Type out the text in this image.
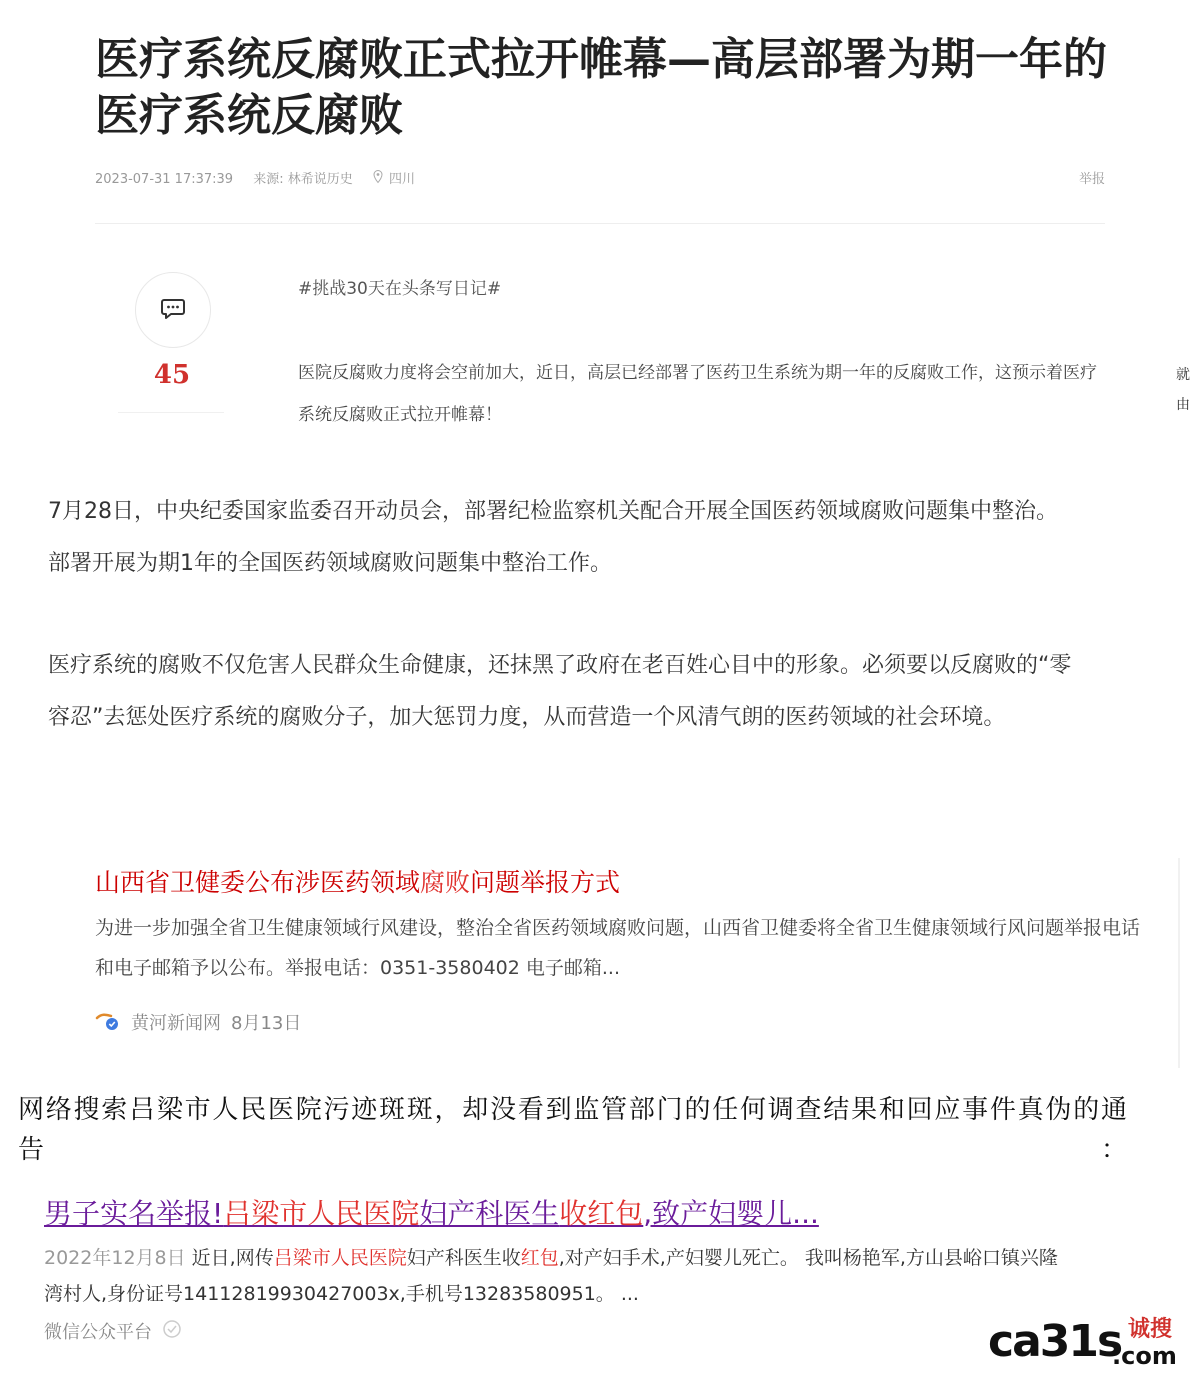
医疗系统反腐败正式拉开帷幕—高层部署为期一年的医疗系统反腐败
2023-07-31 17:37:39 来源: 林希说历史	四川	举报
45
#挑战30天在头条写日记#
医院反腐败力度将会空前加大，近日，高层已经部署了医药卫生系统为期一年的反腐败工作，这预示着医疗系统反腐败正式拉开帷幕！
就由

7月28日，中央纪委国家监委召开动员会，部署纪检监察机关配合开展全国医药领域腐败问题集中整治。部署开展为期1年的全国医药领域腐败问题集中整治工作。

医疗系统的腐败不仅危害人民群众生命健康，还抹黑了政府在老百姓心目中的形象。必须要以反腐败的“零容忍”去惩处医疗系统的腐败分子，加大惩罚力度，从而营造一个风清气朗的医药领域的社会环境。

山西省卫健委公布涉医药领域腐败问题举报方式
为进一步加强全省卫生健康领域行风建设，整治全省医药领域腐败问题，山西省卫健委将全省卫生健康领域行风问题举报电话和电子邮箱予以公布。举报电话：0351-3580402 电子邮箱...
黄河新闻网 8月13日
网络搜索吕梁市人民医院污迹斑斑，却没看到监管部门的任何调查结果和回应事件真伪的通告：
男子实名举报!吕梁市人民医院妇产科医生收红包,致产妇婴儿...
2022年12月8日 近日,网传吕梁市人民医院妇产科医生收红包,对产妇手术,产妇婴儿死亡。 我叫杨艳军,方山县峪口镇兴隆湾村人,身份证号14112819930427003x,手机号13283580951。 ...
微信公众平台	ca31s 诚搜
.com
